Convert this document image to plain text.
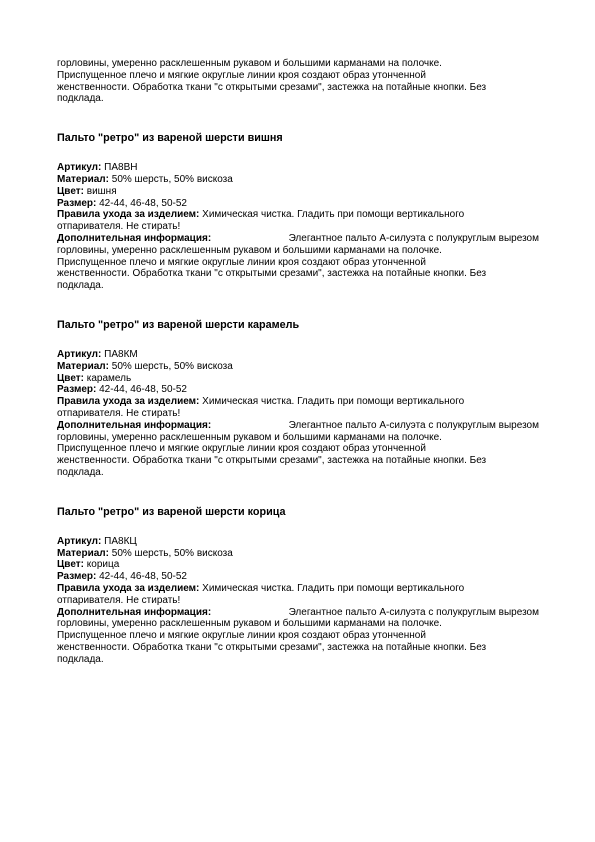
горловины, умеренно расклешенным рукавом и большими карманами на полочке.
Приспущенное плечо и мягкие округлые линии кроя создают образ утонченной
женственности. Обработка ткани "с открытыми срезами", застежка на потайные кнопки. Без
подклада.
Пальто "ретро" из вареной шерсти вишня
Артикул: ПА8ВН
Материал: 50% шерсть, 50% вискоза
Цвет: вишня
Размер: 42-44, 46-48, 50-52
Правила ухода за изделием: Химическая чистка. Гладить при помощи вертикального
отпаривателя. Не стирать!
Дополнительная информация:	Элегантное пальто А-силуэта с полукруглым вырезом
горловины, умеренно расклешенным рукавом и большими карманами на полочке.
Приспущенное плечо и мягкие округлые линии кроя создают образ утонченной
женственности. Обработка ткани "с открытыми срезами", застежка на потайные кнопки. Без
подклада.
Пальто "ретро" из вареной шерсти карамель
Артикул: ПА8КМ
Материал: 50% шерсть, 50% вискоза
Цвет: карамель
Размер: 42-44, 46-48, 50-52
Правила ухода за изделием: Химическая чистка. Гладить при помощи вертикального
отпаривателя. Не стирать!
Дополнительная информация:	Элегантное пальто А-силуэта с полукруглым вырезом
горловины, умеренно расклешенным рукавом и большими карманами на полочке.
Приспущенное плечо и мягкие округлые линии кроя создают образ утонченной
женственности. Обработка ткани "с открытыми срезами", застежка на потайные кнопки. Без
подклада.
Пальто "ретро" из вареной шерсти корица
Артикул: ПА8КЦ
Материал: 50% шерсть, 50% вискоза
Цвет: корица
Размер: 42-44, 46-48, 50-52
Правила ухода за изделием: Химическая чистка. Гладить при помощи вертикального
отпаривателя. Не стирать!
Дополнительная информация:	Элегантное пальто А-силуэта с полукруглым вырезом
горловины, умеренно расклешенным рукавом и большими карманами на полочке.
Приспущенное плечо и мягкие округлые линии кроя создают образ утонченной
женственности. Обработка ткани "с открытыми срезами", застежка на потайные кнопки. Без
подклада.
